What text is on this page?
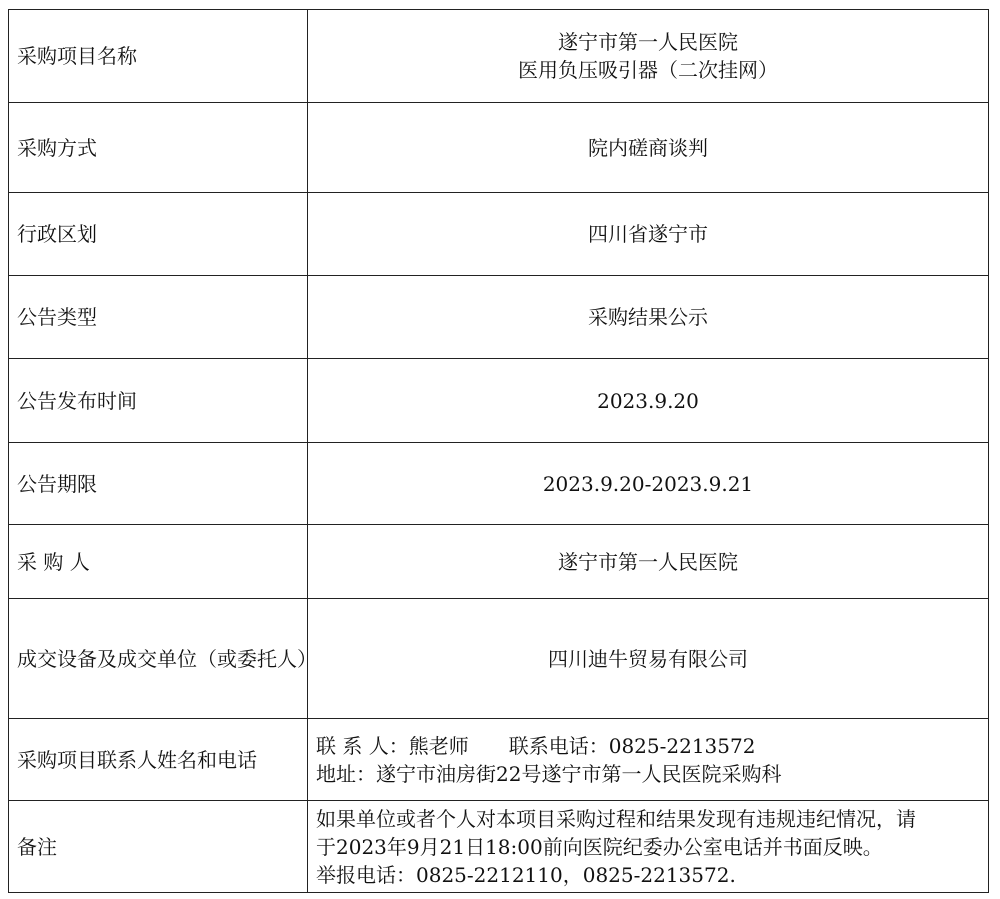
采购项目名称	遂宁市第一人民医院
医用负压吸引器（二次挂网）

采购方式	院内磋商谈判
行政区划	四川省遂宁市
公告类型	采购结果公示
公告发布时间	2023.9.20
公告期限	2023.9.20-2023.9.21
采 购 人	遂宁市第一人民医院
成交设备及成交单位（或委托人）	四川迪牛贸易有限公司
采购项目联系人姓名和电话	联 系 人：熊老师 联系电话：0825-2213572
地址：遂宁市油房街22号遂宁市第一人民医院采购科

备注	如果单位或者个人对本项目采购过程和结果发现有违规违纪情况，请
于2023年9月21日18:00前向医院纪委办公室电话并书面反映。
举报电话：0825-2212110，0825-2213572.
